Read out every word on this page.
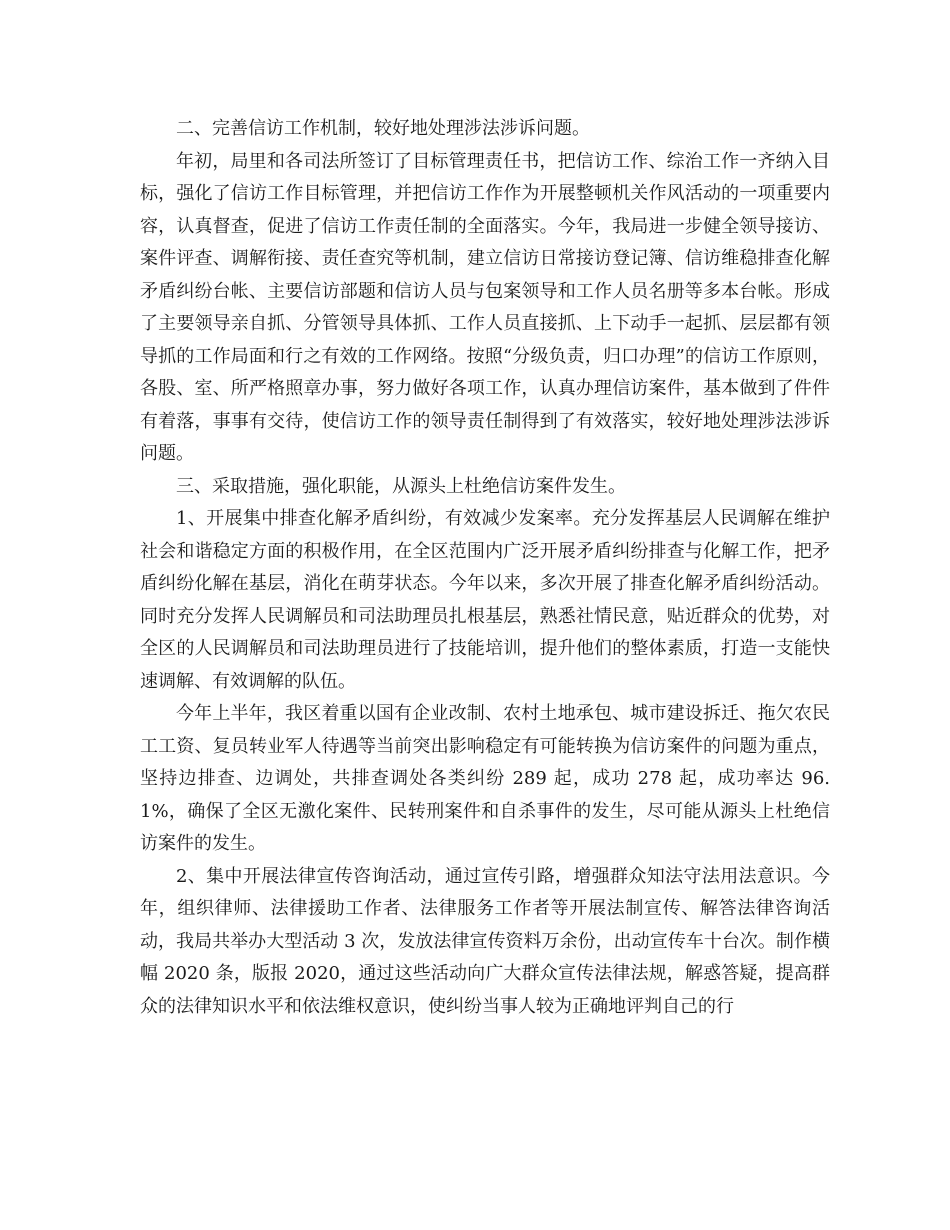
二、完善信访工作机制，较好地处理涉法涉诉问题。

年初，局里和各司法所签订了目标管理责任书，把信访工作、综治工作一齐纳入目标，强化了信访工作目标管理，并把信访工作作为开展整顿机关作风活动的一项重要内容，认真督查，促进了信访工作责任制的全面落实。今年，我局进一步健全领导接访、案件评查、调解衔接、责任查究等机制，建立信访日常接访登记簿、信访维稳排查化解矛盾纠纷台帐、主要信访部题和信访人员与包案领导和工作人员名册等多本台帐。形成了主要领导亲自抓、分管领导具体抓、工作人员直接抓、上下动手一起抓、层层都有领导抓的工作局面和行之有效的工作网络。按照“分级负责，归口办理”的信访工作原则，各股、室、所严格照章办事，努力做好各项工作，认真办理信访案件，基本做到了件件有着落，事事有交待，使信访工作的领导责任制得到了有效落实，较好地处理涉法涉诉问题。

三、采取措施，强化职能，从源头上杜绝信访案件发生。

1、开展集中排查化解矛盾纠纷，有效减少发案率。充分发挥基层人民调解在维护社会和谐稳定方面的积极作用，在全区范围内广泛开展矛盾纠纷排查与化解工作，把矛盾纠纷化解在基层，消化在萌芽状态。今年以来，多次开展了排查化解矛盾纠纷活动。同时充分发挥人民调解员和司法助理员扎根基层，熟悉社情民意，贴近群众的优势，对全区的人民调解员和司法助理员进行了技能培训，提升他们的整体素质，打造一支能快速调解、有效调解的队伍。

今年上半年，我区着重以国有企业改制、农村土地承包、城市建设拆迁、拖欠农民工工资、复员转业军人待遇等当前突出影响稳定有可能转换为信访案件的问题为重点，坚持边排查、边调处，共排查调处各类纠纷 289 起，成功 278 起，成功率达 96.1%，确保了全区无激化案件、民转刑案件和自杀事件的发生，尽可能从源头上杜绝信访案件的发生。

2、集中开展法律宣传咨询活动，通过宣传引路，增强群众知法守法用法意识。今年，组织律师、法律援助工作者、法律服务工作者等开展法制宣传、解答法律咨询活动，我局共举办大型活动 3 次，发放法律宣传资料万余份，出动宣传车十台次。制作横幅 2020 条，版报 2020，通过这些活动向广大群众宣传法律法规，解惑答疑，提高群众的法律知识水平和依法维权意识，使纠纷当事人较为正确地评判自己的行
